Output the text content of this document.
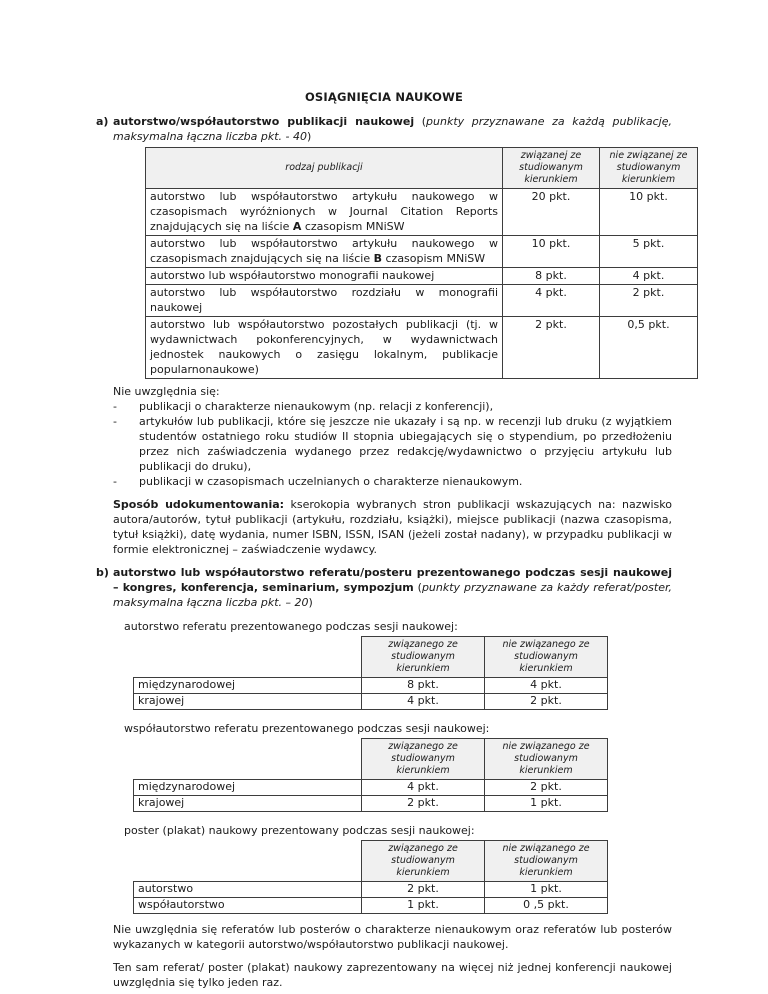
OSIĄGNIĘCIA NAUKOWE
a) autorstwo/współautorstwo publikacji naukowej (punkty przyznawane za każdą publikację, maksymalna łączna liczba pkt. - 40)

rodzaj publikacji	związanej ze studiowanym kierunkiem	nie związanej ze studiowanym kierunkiem
autorstwo lub współautorstwo artykułu naukowego w czasopismach wyróżnionych w Journal Citation Reports znajdujących się na liście A czasopism MNiSW	20 pkt.	10 pkt.
autorstwo lub współautorstwo artykułu naukowego w czasopismach znajdujących się na liście B czasopism MNiSW	10 pkt.	5 pkt.
autorstwo lub współautorstwo monografii naukowej	8 pkt.	4 pkt.
autorstwo lub współautorstwo rozdziału w monografii naukowej	4 pkt.	2 pkt.
autorstwo lub współautorstwo pozostałych publikacji (tj. w wydawnictwach pokonferencyjnych, w wydawnictwach jednostek naukowych o zasięgu lokalnym, publikacje popularnonaukowe)	2 pkt.	0,5 pkt.

Nie uwzględnia się:

-	publikacji o charakterze nienaukowym (np. relacji z konferencji),
-	artykułów lub publikacji, które się jeszcze nie ukazały i są np. w recenzji lub druku (z wyjątkiem studentów ostatniego roku studiów II stopnia ubiegających się o stypendium, po przedłożeniu przez nich zaświadczenia wydanego przez redakcję/wydawnictwo o przyjęciu artykułu lub publikacji do druku),
-	publikacji w czasopismach uczelnianych o charakterze nienaukowym.

Sposób udokumentowania: kserokopia wybranych stron publikacji wskazujących na: nazwisko autora/autorów, tytuł publikacji (artykułu, rozdziału, książki), miejsce publikacji (nazwa czasopisma, tytuł książki), datę wydania, numer ISBN, ISSN, ISAN (jeżeli został nadany), w przypadku publikacji w formie elektronicznej – zaświadczenie wydawcy.

b) autorstwo lub współautorstwo referatu/posteru prezentowanego podczas sesji naukowej – kongres, konferencja, seminarium, sympozjum (punkty przyznawane za każdy referat/poster, maksymalna łączna liczba pkt. – 20)

autorstwo referatu prezentowanego podczas sesji naukowej:

	związanego ze studiowanym kierunkiem	nie związanego ze studiowanym kierunkiem
międzynarodowej	8 pkt.	4 pkt.
krajowej	4 pkt.	2 pkt.

współautorstwo referatu prezentowanego podczas sesji naukowej:

	związanego ze studiowanym kierunkiem	nie związanego ze studiowanym kierunkiem
międzynarodowej	4 pkt.	2 pkt.
krajowej	2 pkt.	1 pkt.

poster (plakat) naukowy prezentowany podczas sesji naukowej:

	związanego ze studiowanym kierunkiem	nie związanego ze studiowanym kierunkiem
autorstwo	2 pkt.	1 pkt.
współautorstwo	1 pkt.	0 ,5 pkt.

Nie uwzględnia się referatów lub posterów o charakterze nienaukowym oraz referatów lub posterów wykazanych w kategorii autorstwo/współautorstwo publikacji naukowej.

Ten sam referat/ poster (plakat) naukowy zaprezentowany na więcej niż jednej konferencji naukowej uwzględnia się tylko jeden raz.
